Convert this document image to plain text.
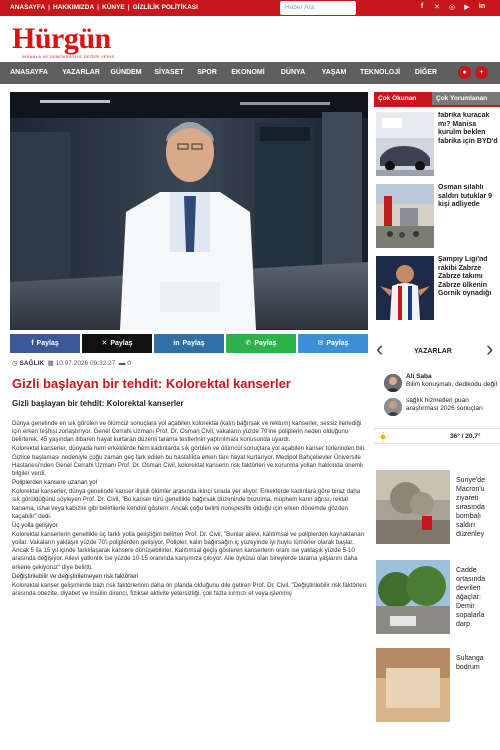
ANASAYFA | HAKKIMIZDA | KÜNYE | GİZLİLİK POLİTİKASI	Haber Ara	f	✕ ◎ ▶ in
Hürgün
İNSANLA VE DEMOKRASİYE DEĞER VERİR
ANASAYFA	YAZARLAR	GÜNDEM	SİYASET	SPOR	EKONOMİ	DÜNYA	YAŞAM	TEKNOLOJİ	DİĞER	●	+
f Paylaş	✕ Paylaş	in Paylaş	✆ Paylaş	✉ Paylaş
◷ SAĞLIK ▦ 10.07.2026 09:32:27 ▬ 0
Gizli başlayan bir tehdit: Kolorektal kanserler
Gizli başlayan bir tehdit: Kolorektal kanserler

Dünya genelinde en sık görülen ve ölümcül sonuçlara yol açabilen kolorektal (kalın bağırsak ve rektum) kanserler, sessiz ilerlediği için erken teşhisi zorlaştırıyor. Genel Cerrahi Uzmanı Prof. Dr. Osman Civil, vakaların yüzde 70'ine poliplerin neden olduğunu belirterek, 45 yaşından itibaren hayat kurtaran düzenli tarama testlerinin yaptırılması konusunda uyardı.

Kolorektal kanserler, dünyada hem erkeklerde hem kadınlarda sık görülen ve ölümcül sonuçlara yol açabilen kanser türlerinden biri. Gizlice başlaması nedeniyle çoğu zaman geç fark edilen bu hastalıkta erken tanı hayat kurtarıyor. Medipol Bahçelievler Üniversite Hastanesi'nden Genel Cerrahi Uzmanı Prof. Dr. Osman Civil, kolorektal kanserin risk faktörleri ve korunma yolları hakkında önemli bilgiler verdi.

Poliplerden kansere uzanan yol

Kolorektal kanserler, dünya genelinde kanser ilişkili ölümler arasında ikinci sırada yer alıyor. Erkeklerde kadınlara göre biraz daha sık görüldüğünü söyleyen Prof. Dr. Civil, "Bu kanser türü genellikle bağırsak düzeninde bozulma, müphem karın ağrısı, rektal kanama, ishal veya kabızlık gibi belirtilerle kendini gösterir. Ancak çoğu belirti nonspesifik olduğu için erken dönemde gözden kaçabilir" dedi.

Üç yolla gelişiyor

Kolorektal kanserlerin genellikle üç farklı yolla geliştiğini belirten Prof. Dr. Civil, "Bunlar ailevi, kalıtımsal ve poliplerden kaynaklanan yollar. Vakaların yaklaşık yüzde 70'i poliplerden gelişiyor. Polipler, kalın bağırsağın iç yüzeyinde iyi huylu tümörler olarak başlar. Ancak 5 ila 15 yıl içinde farklılaşarak kansere dönüşebilirler. Kalıtımsal geçiş gösteren kanserlerin oranı ise yaklaşık yüzde 5-10 arasında değişiyor. Ailevi yatkınlık ise yüzde 10-15 oranında karşımıza çıkıyor. Aile öyküsü olan bireylerde tarama yaşlarını daha erkene çekiyoruz" diye belirtti.

Değiştirilebilir ve değiştirilemeyen risk faktörleri

Kolorektal kanser gelişiminde bazı risk faktörlerinin daha ön planda olduğunu dile getiren Prof. Dr. Civil, "Değiştirilebilir risk faktörleri arasında obezite, diyabet ve insülin direnci, fiziksel aktivite yetersizliği, çok fazla kırmızı et veya işlenmiş

Çok Okunan	Çok Yorumlanan
fabrika kuracak mı? Manisa kurulm beklen fabrika için BYD'd
Osman silahlı saldırı tutuklar 9 kişi adliyede
Şampiy Ligi'nd rakibi Zabrze Zabrze takımı Zabrze ülkenin Gornik oynadığı
‹	YAZARLAR ›
Ali Saba
Bilim konuşmalı, dedikodu değil
sağlık hizmetleri puan araştırması 2026 sonuçları
36° / 20.7°
Suriye'de Macron'u ziyareti sırasında bombalı saldırı düzenley
Cadde ortasında devrilen ağaçlar: Demir sopalarla darp
Sultanga bodrum
